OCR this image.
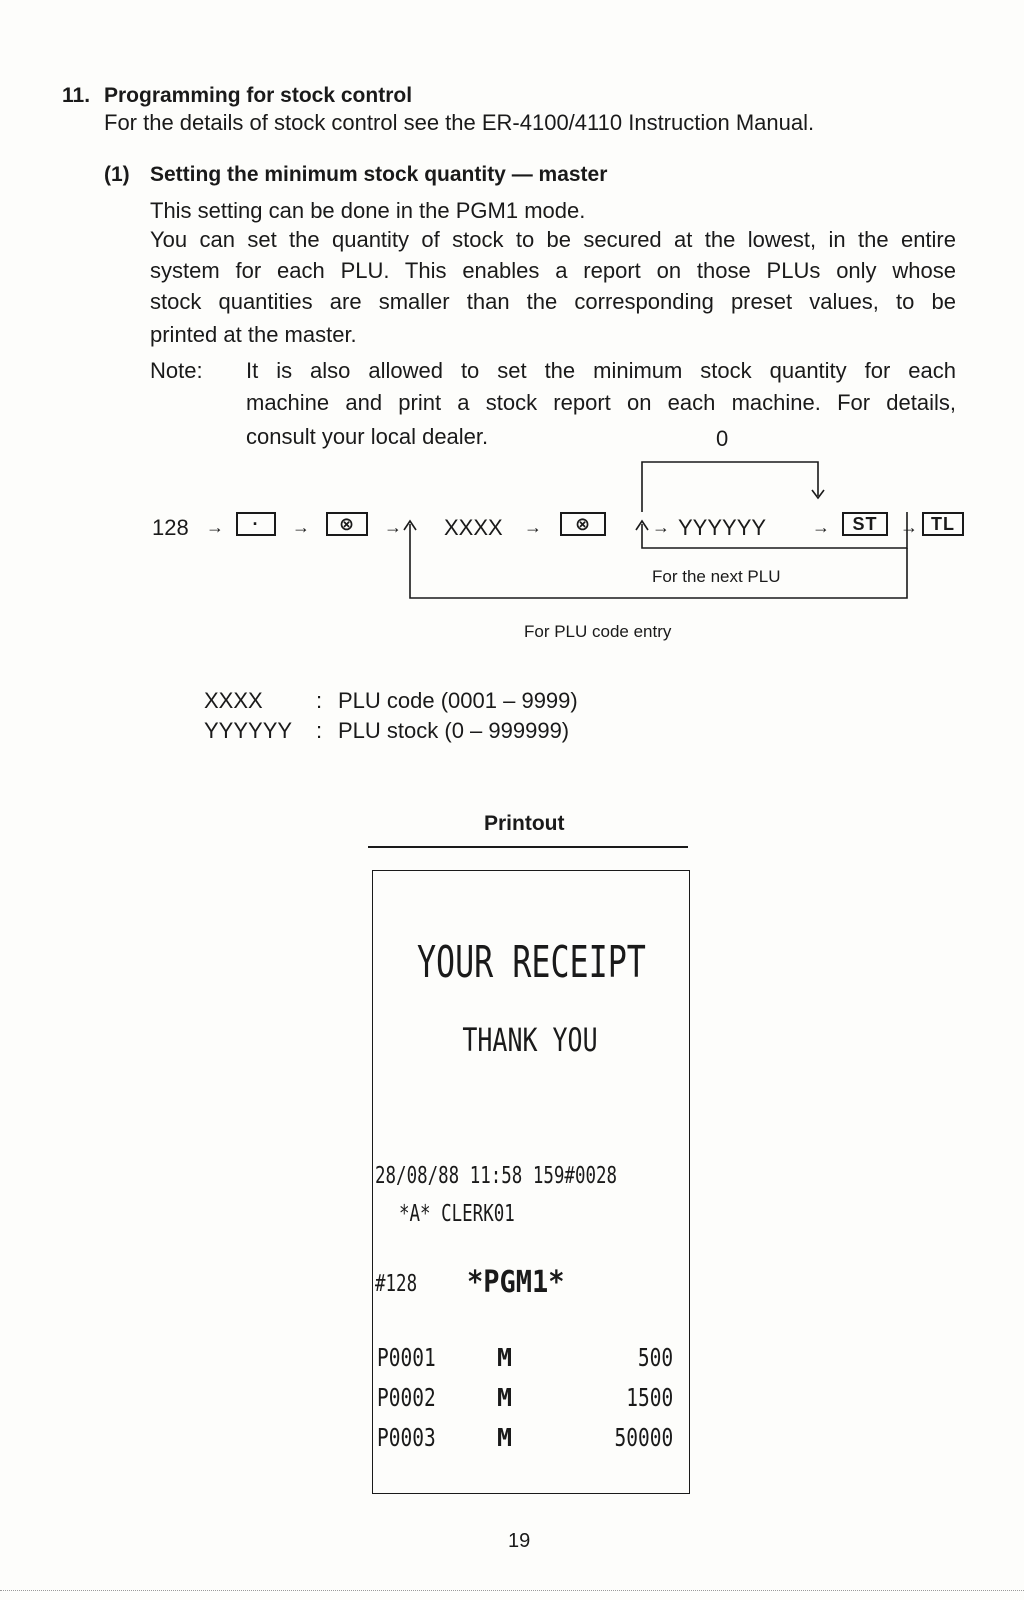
11. Programming for stock control
For the details of stock control see the ER-4100/4110 Instruction Manual.
(1) Setting the minimum stock quantity — master
This setting can be done in the PGM1 mode.
You can set the quantity of stock to be secured at the lowest, in the entire
system for each PLU. This enables a report on those PLUs only whose
stock quantities are smaller than the corresponding preset values, to be
printed at the master.
Note: It is also allowed to set the minimum stock quantity for each
machine and print a stock report on each machine. For details,
consult your local dealer.	0
128 →	·	→	⊗	→ XXXX →	⊗	→ YYYYYY	→	ST	→ TL
For the next PLU
For PLU code entry
XXXX : PLU code (0001 – 9999)
YYYYYY : PLU stock (0 – 999999)
Printout
YOUR RECEIPT
THANK YOU
28/08/88 11:58 159#0028
*A* CLERK01
#128 *PGM1*
P0001 M	500
P0002 M	1500
P0003 M	50000
19
